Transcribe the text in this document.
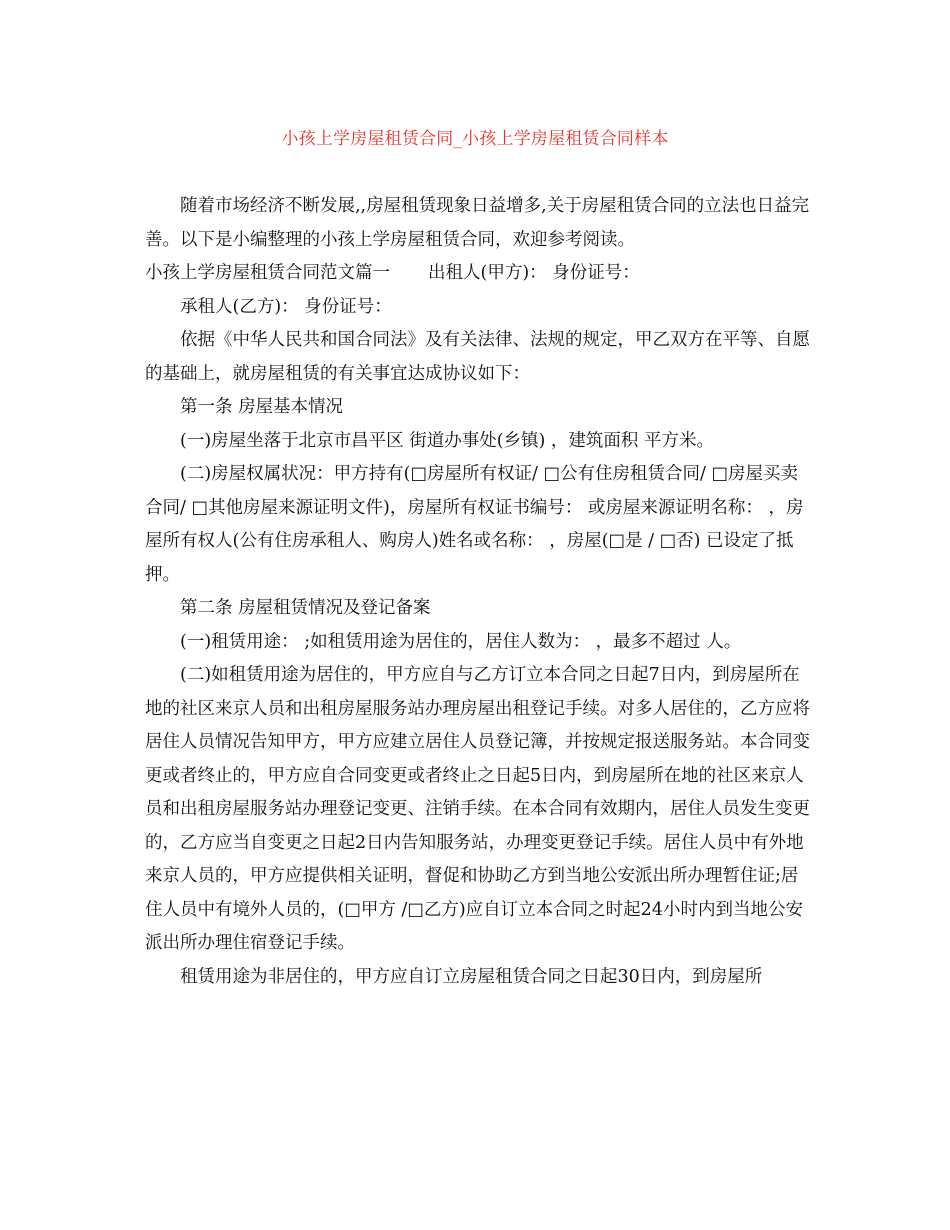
小孩上学房屋租赁合同_小孩上学房屋租赁合同样本

随着市场经济不断发展,,房屋租赁现象日益增多,关于房屋租赁合同的立法也日益完善。以下是小编整理的小孩上学房屋租赁合同，欢迎参考阅读。

小孩上学房屋租赁合同范文篇一 出租人(甲方)： 身份证号：

承租人(乙方)： 身份证号：

依据《中华人民共和国合同法》及有关法律、法规的规定，甲乙双方在平等、自愿的基础上，就房屋租赁的有关事宜达成协议如下：

第一条 房屋基本情况

(一)房屋坐落于北京市昌平区 街道办事处(乡镇) ，建筑面积 平方米。

(二)房屋权属状况：甲方持有(□房屋所有权证/ □公有住房租赁合同/ □房屋买卖合同/ □其他房屋来源证明文件)，房屋所有权证书编号： 或房屋来源证明名称： ，房屋所有权人(公有住房承租人、购房人)姓名或名称： ，房屋(□是 / □否) 已设定了抵押。

第二条 房屋租赁情况及登记备案

(一)租赁用途： ;如租赁用途为居住的，居住人数为： ，最多不超过 人。

(二)如租赁用途为居住的，甲方应自与乙方订立本合同之日起7日内，到房屋所在地的社区来京人员和出租房屋服务站办理房屋出租登记手续。对多人居住的，乙方应将居住人员情况告知甲方，甲方应建立居住人员登记簿，并按规定报送服务站。本合同变更或者终止的，甲方应自合同变更或者终止之日起5日内，到房屋所在地的社区来京人员和出租房屋服务站办理登记变更、注销手续。在本合同有效期内，居住人员发生变更的，乙方应当自变更之日起2日内告知服务站，办理变更登记手续。居住人员中有外地来京人员的，甲方应提供相关证明，督促和协助乙方到当地公安派出所办理暂住证;居住人员中有境外人员的，(□甲方 /□乙方)应自订立本合同之时起24小时内到当地公安派出所办理住宿登记手续。

租赁用途为非居住的，甲方应自订立房屋租赁合同之日起30日内，到房屋所
